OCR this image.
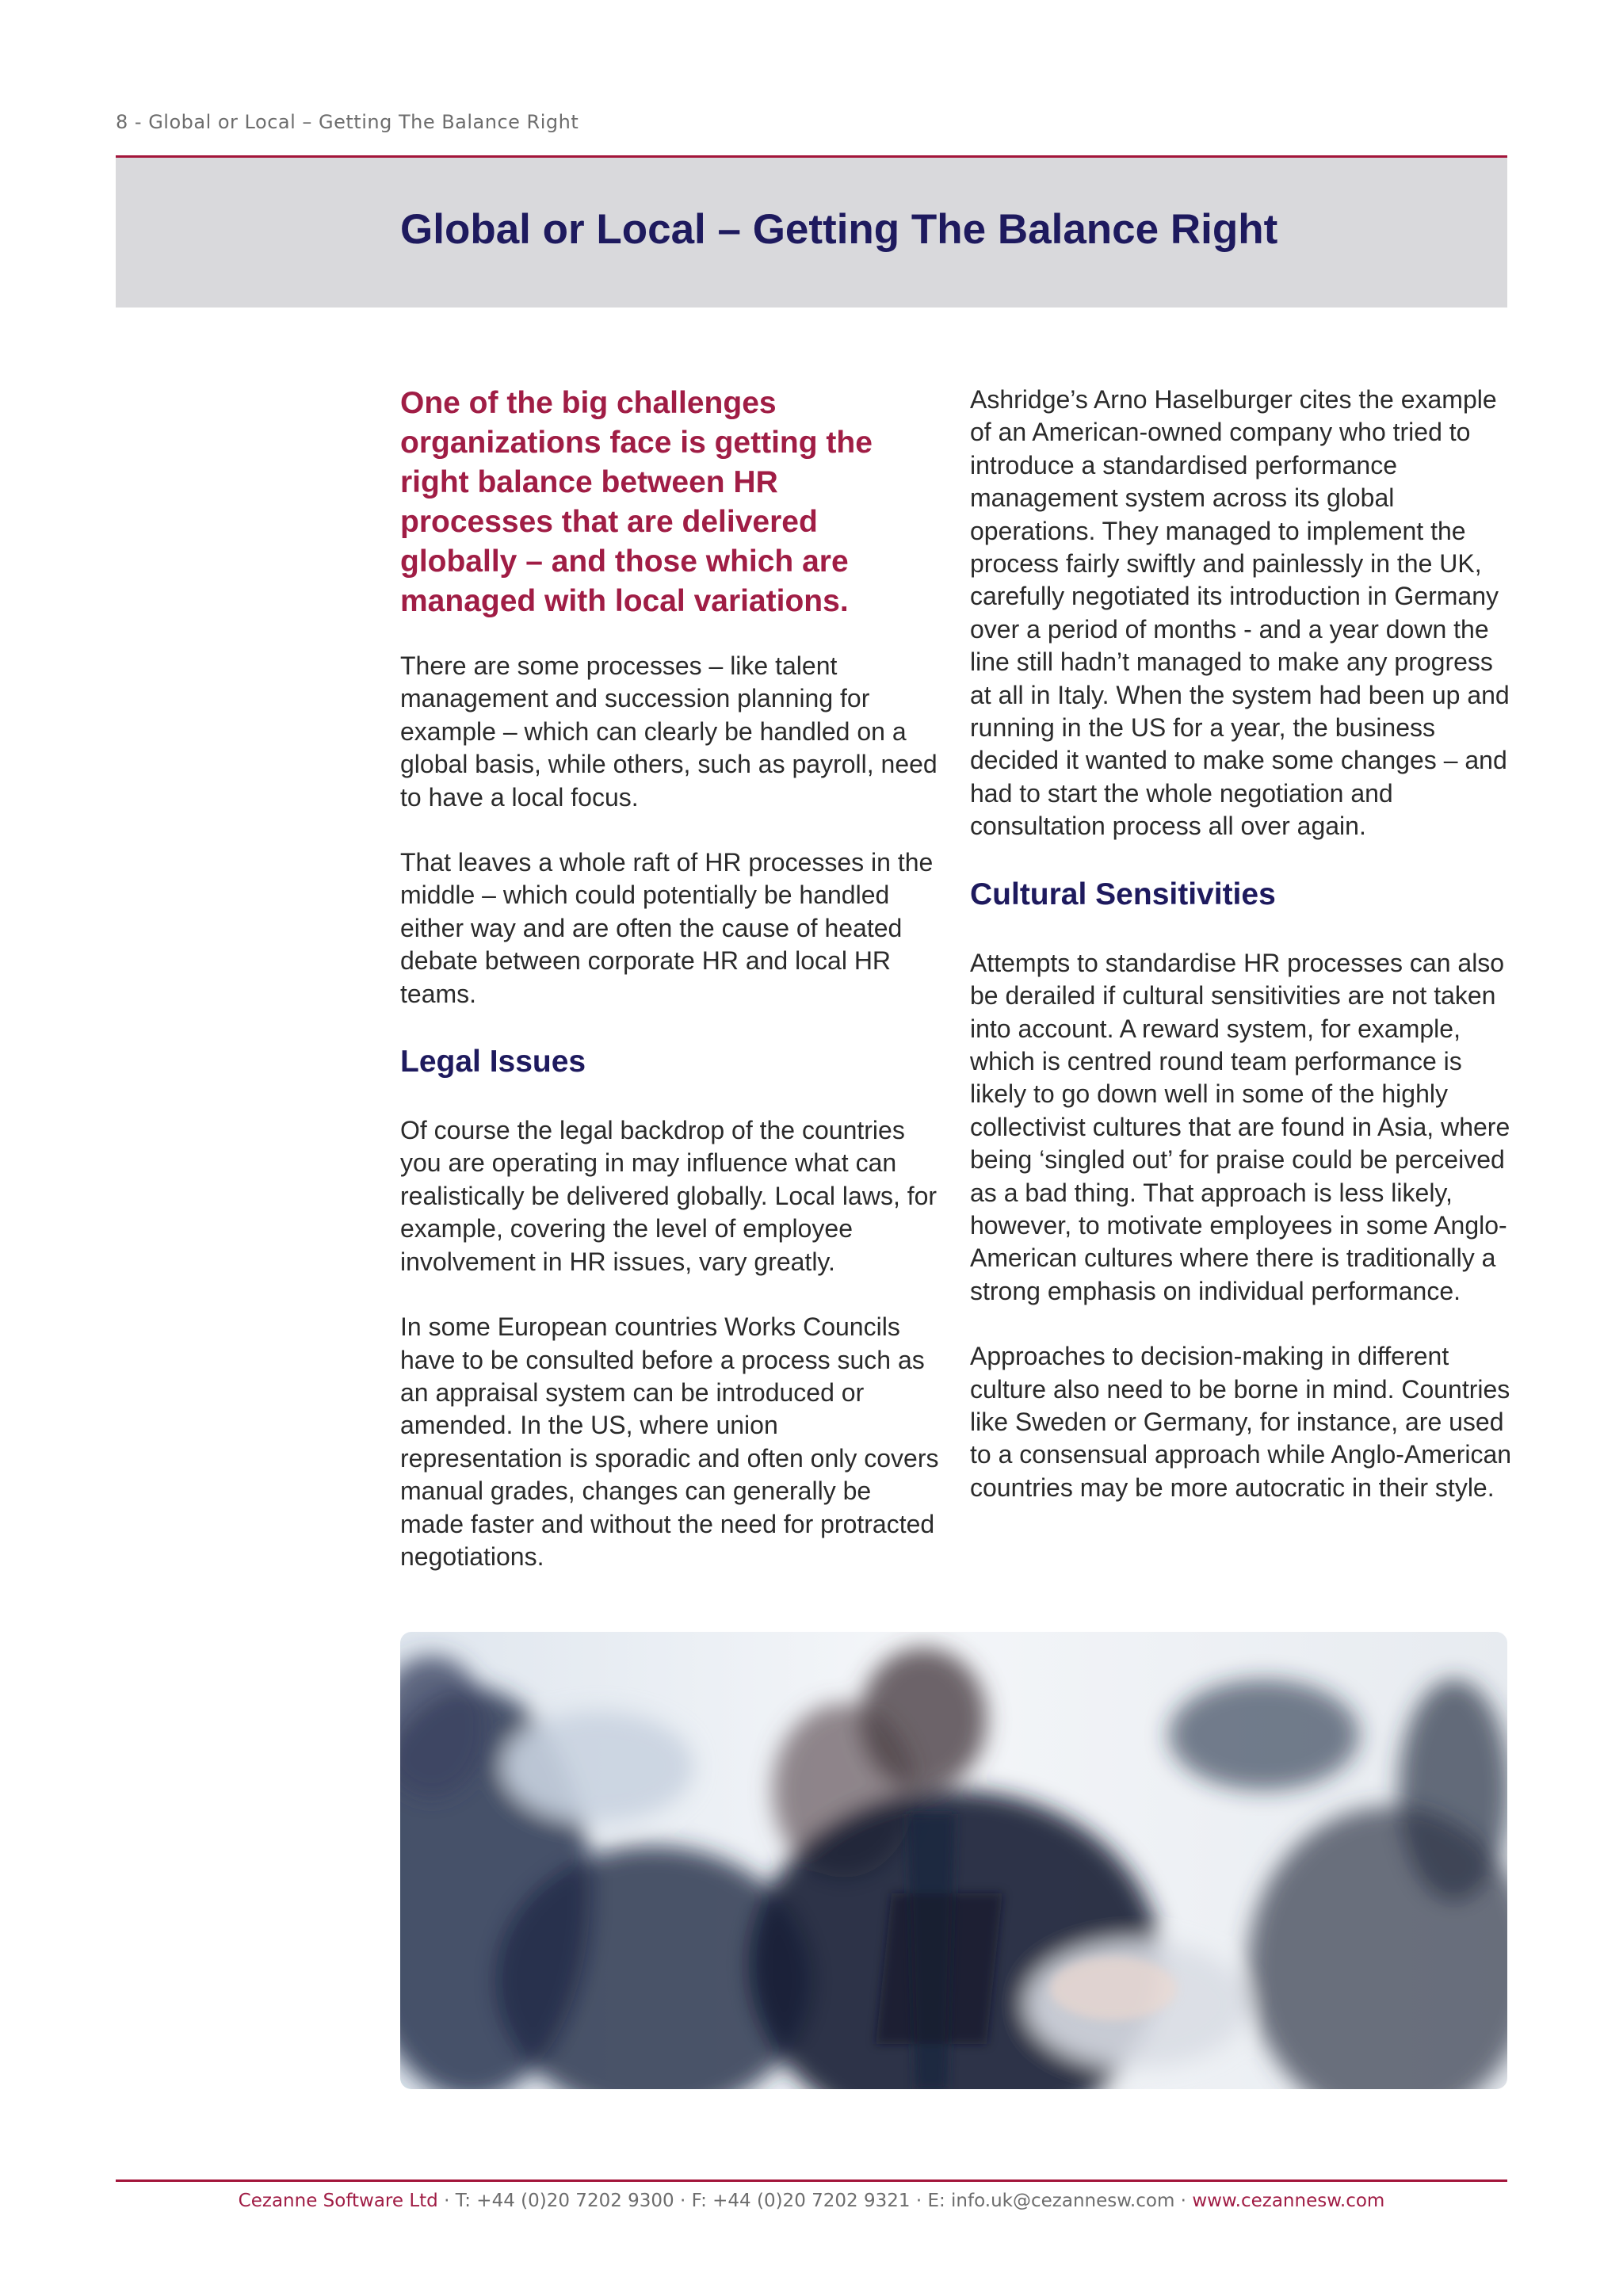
8 - Global or Local – Getting The Balance Right
Global or Local – Getting The Balance Right

One of the big challenges organizations face is getting the right balance between HR processes that are delivered globally – and those which are managed with local variations.

There are some processes – like talent management and succession planning for example – which can clearly be handled on a global basis, while others, such as payroll, need to have a local focus.

That leaves a whole raft of HR processes in the middle – which could potentially be handled either way and are often the cause of heated debate between corporate HR and local HR teams.

Legal Issues

Of course the legal backdrop of the countries you are operating in may influence what can realistically be delivered globally. Local laws, for example, covering the level of employee involvement in HR issues, vary greatly.

In some European countries Works Councils have to be consulted before a process such as an appraisal system can be introduced or amended. In the US, where union representation is sporadic and often only covers manual grades, changes can generally be made faster and without the need for protracted negotiations.

Ashridge’s Arno Haselburger cites the example of an American-owned company who tried to introduce a standardised performance management system across its global operations. They managed to implement the process fairly swiftly and painlessly in the UK, carefully negotiated its introduction in Germany over a period of months - and a year down the line still hadn’t managed to make any progress at all in Italy. When the system had been up and running in the US for a year, the business decided it wanted to make some changes – and had to start the whole negotiation and consultation process all over again.

Cultural Sensitivities

Attempts to standardise HR processes can also be derailed if cultural sensitivities are not taken into account. A reward system, for example, which is centred round team performance is likely to go down well in some of the highly collectivist cultures that are found in Asia, where being ‘singled out’ for praise could be perceived as a bad thing. That approach is less likely, however, to motivate employees in some Anglo-American cultures where there is traditionally a strong emphasis on individual performance.

Approaches to decision-making in different culture also need to be borne in mind. Countries like Sweden or Germany, for instance, are used to a consensual approach while Anglo-American countries may be more autocratic in their style.

Cezanne Software Ltd · T: +44 (0)20 7202 9300 · F: +44 (0)20 7202 9321 · E: info.uk@cezannesw.com · www.cezannesw.com
